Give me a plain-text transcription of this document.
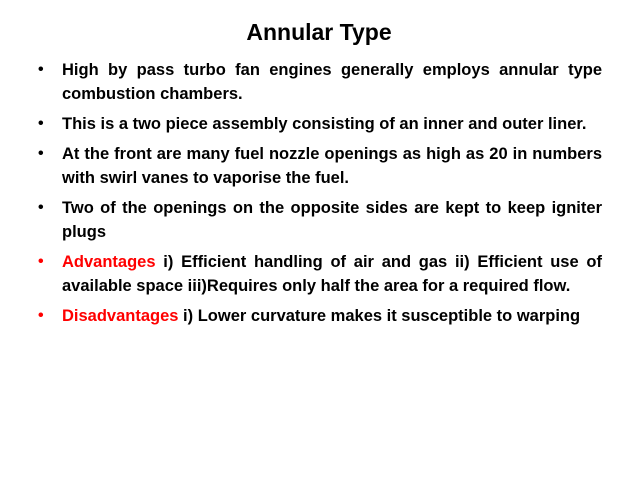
Annular Type
• High by pass turbo fan engines generally employs annular type combustion chambers.
• This is a two piece assembly consisting of an inner and outer liner.
• At the front are many fuel nozzle openings as high as 20 in numbers with swirl vanes to vaporise the fuel.
• Two of the openings on the opposite sides are kept to keep igniter plugs
• Advantages i) Efficient handling of air and gas ii) Efficient use of available space iii)Requires only half the area for a required flow.
• Disadvantages i) Lower curvature makes it susceptible to warping
